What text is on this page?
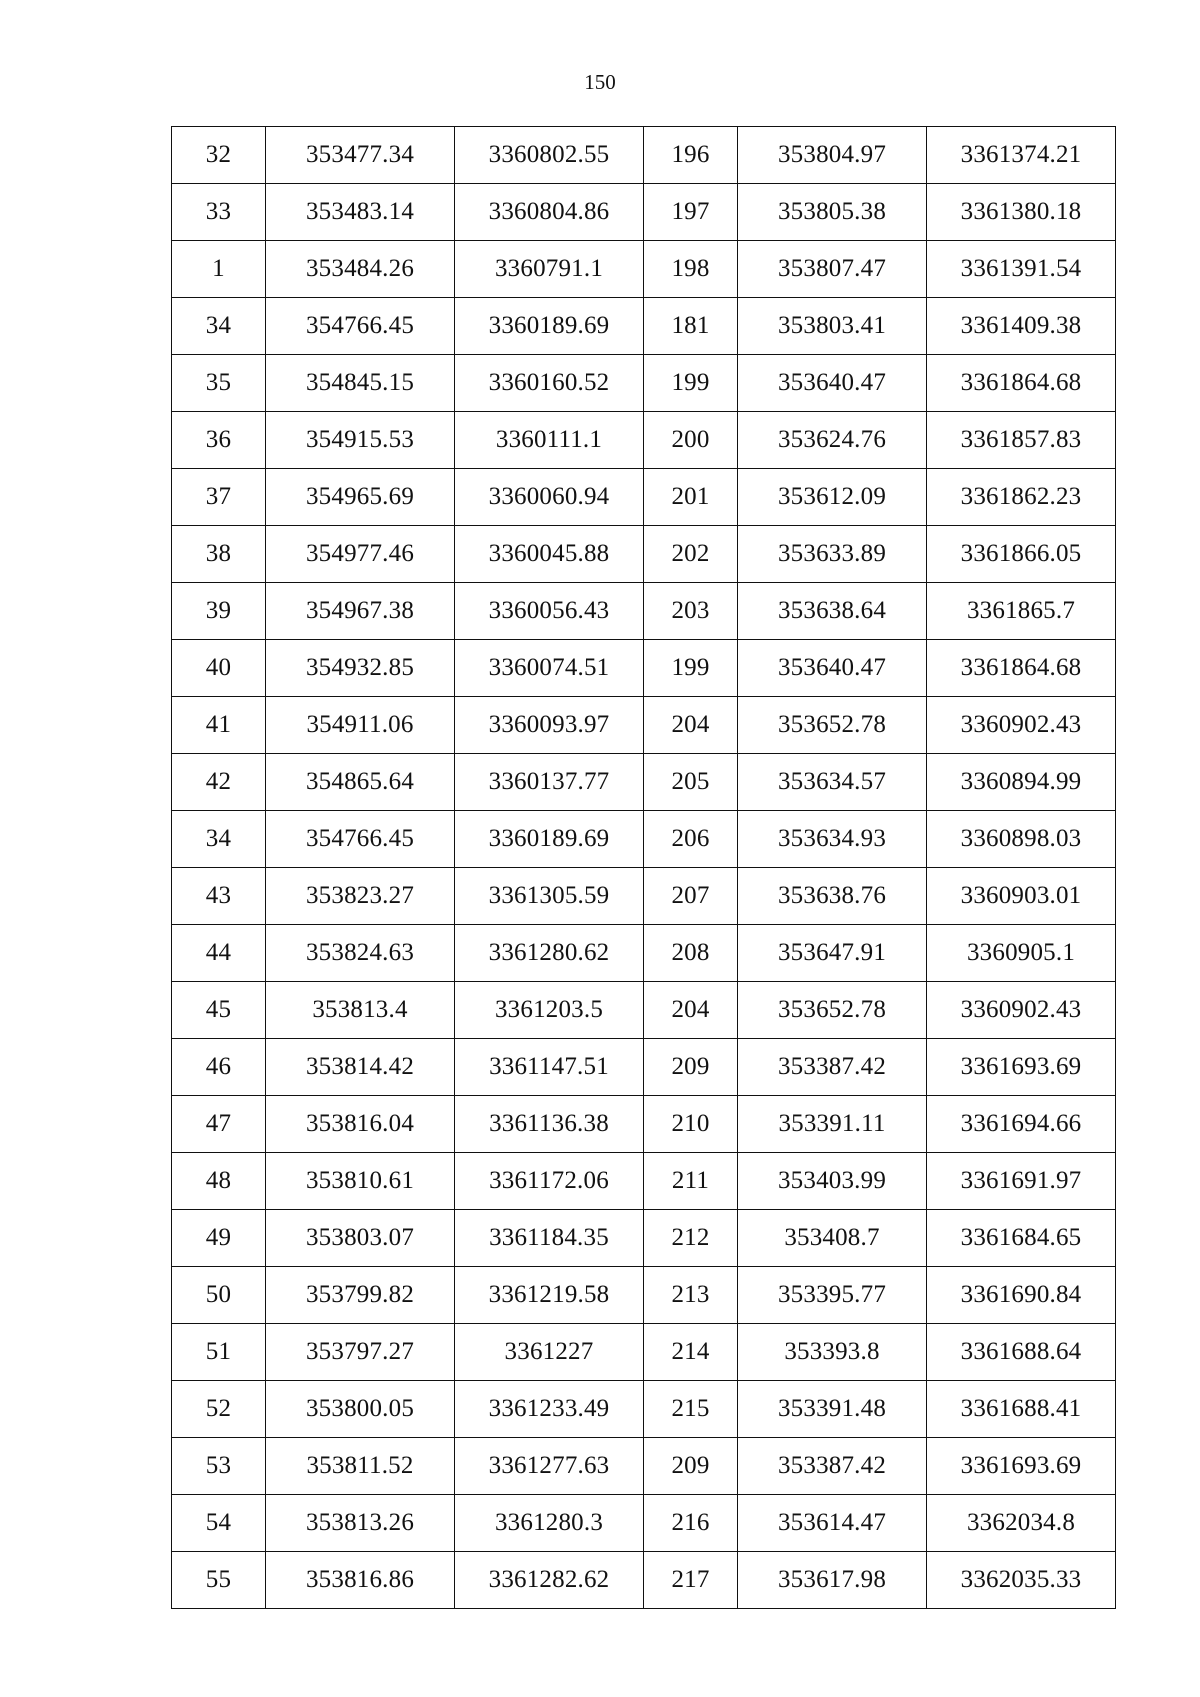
150
32	353477.34	3360802.55	196	353804.97	3361374.21
33	353483.14	3360804.86	197	353805.38	3361380.18
1	353484.26	3360791.1	198	353807.47	3361391.54
34	354766.45	3360189.69	181	353803.41	3361409.38
35	354845.15	3360160.52	199	353640.47	3361864.68
36	354915.53	3360111.1	200	353624.76	3361857.83
37	354965.69	3360060.94	201	353612.09	3361862.23
38	354977.46	3360045.88	202	353633.89	3361866.05
39	354967.38	3360056.43	203	353638.64	3361865.7
40	354932.85	3360074.51	199	353640.47	3361864.68
41	354911.06	3360093.97	204	353652.78	3360902.43
42	354865.64	3360137.77	205	353634.57	3360894.99
34	354766.45	3360189.69	206	353634.93	3360898.03
43	353823.27	3361305.59	207	353638.76	3360903.01
44	353824.63	3361280.62	208	353647.91	3360905.1
45	353813.4	3361203.5	204	353652.78	3360902.43
46	353814.42	3361147.51	209	353387.42	3361693.69
47	353816.04	3361136.38	210	353391.11	3361694.66
48	353810.61	3361172.06	211	353403.99	3361691.97
49	353803.07	3361184.35	212	353408.7	3361684.65
50	353799.82	3361219.58	213	353395.77	3361690.84
51	353797.27	3361227	214	353393.8	3361688.64
52	353800.05	3361233.49	215	353391.48	3361688.41
53	353811.52	3361277.63	209	353387.42	3361693.69
54	353813.26	3361280.3	216	353614.47	3362034.8
55	353816.86	3361282.62	217	353617.98	3362035.33
